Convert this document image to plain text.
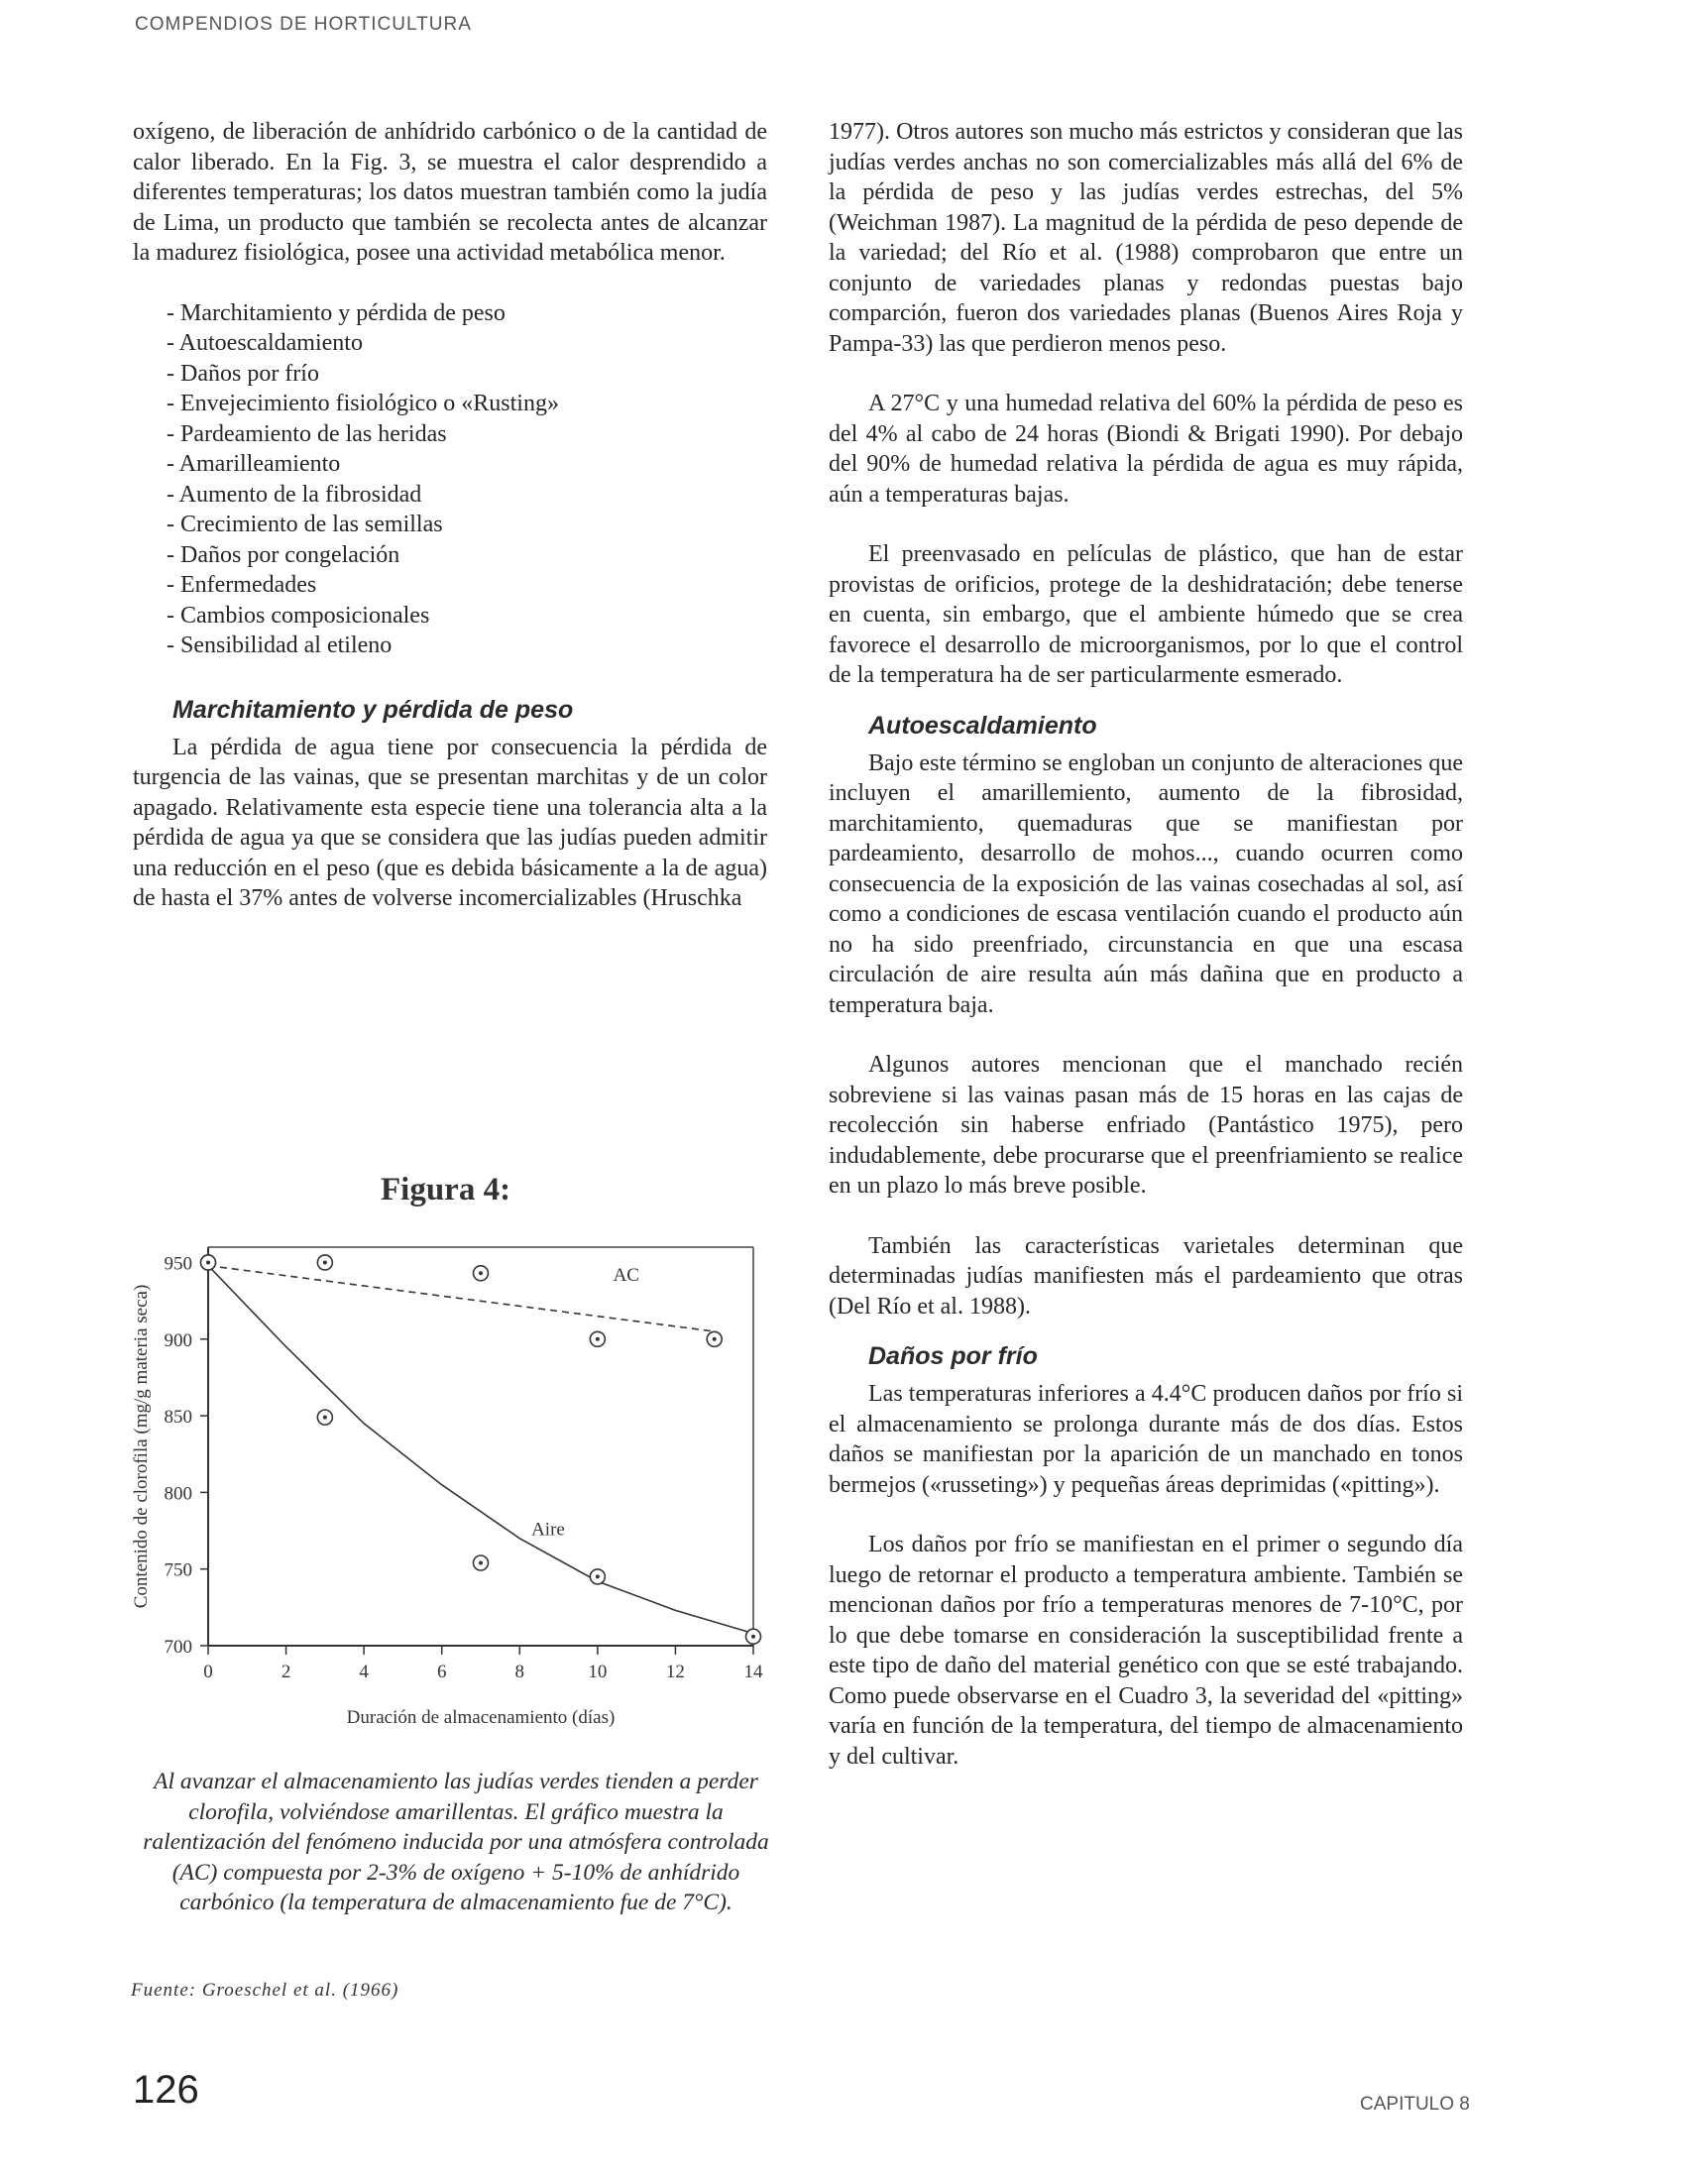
COMPENDIOS DE HORTICULTURA

oxígeno, de liberación de anhídrido carbónico o de la cantidad de calor liberado. En la Fig. 3, se muestra el calor desprendido a diferentes temperaturas; los datos muestran también como la judía de Lima, un producto que también se recolecta antes de alcanzar la madurez fisiológica, posee una actividad metabólica menor.

- Marchitamiento y pérdida de peso
- Autoescaldamiento
- Daños por frío
- Envejecimiento fisiológico o «Rusting»
- Pardeamiento de las heridas
- Amarilleamiento
- Aumento de la fibrosidad
- Crecimiento de las semillas
- Daños por congelación
- Enfermedades
- Cambios composicionales
- Sensibilidad al etileno
Marchitamiento y pérdida de peso

La pérdida de agua tiene por consecuencia la pérdida de turgencia de las vainas, que se presentan marchitas y de un color apagado. Relativamente esta especie tiene una tolerancia alta a la pérdida de agua ya que se considera que las judías pueden admitir una reducción en el peso (que es debida básicamente a la de agua) de hasta el 37% antes de volverse incomercializables (Hruschka

1977). Otros autores son mucho más estrictos y consideran que las judías verdes anchas no son comercializables más allá del 6% de la pérdida de peso y las judías verdes estrechas, del 5% (Weichman 1987). La magnitud de la pérdida de peso depende de la variedad; del Río et al. (1988) comprobaron que entre un conjunto de variedades planas y redondas puestas bajo comparción, fueron dos variedades planas (Buenos Aires Roja y Pampa-33) las que perdieron menos peso.

A 27°C y una humedad relativa del 60% la pérdida de peso es del 4% al cabo de 24 horas (Biondi & Brigati 1990). Por debajo del 90% de humedad relativa la pérdida de agua es muy rápida, aún a temperaturas bajas.

El preenvasado en películas de plástico, que han de estar provistas de orificios, protege de la deshidratación; debe tenerse en cuenta, sin embargo, que el ambiente húmedo que se crea favorece el desarrollo de microorganismos, por lo que el control de la temperatura ha de ser particularmente esmerado.

Autoescaldamiento

Bajo este término se engloban un conjunto de alteraciones que incluyen el amarillemiento, aumento de la fibrosidad, marchitamiento, quemaduras que se manifiestan por pardeamiento, desarrollo de mohos..., cuando ocurren como consecuencia de la exposición de las vainas cosechadas al sol, así como a condiciones de escasa ventilación cuando el producto aún no ha sido preenfriado, circunstancia en que una escasa circulación de aire resulta aún más dañina que en producto a temperatura baja.

Algunos autores mencionan que el manchado recién sobreviene si las vainas pasan más de 15 horas en las cajas de recolección sin haberse enfriado (Pantástico 1975), pero indudablemente, debe procurarse que el preenfriamiento se realice en un plazo lo más breve posible.

También las características varietales determinan que determinadas judías manifiesten más el pardeamiento que otras (Del Río et al. 1988).

Daños por frío

Las temperaturas inferiores a 4.4°C producen daños por frío si el almacenamiento se prolonga durante más de dos días. Estos daños se manifiestan por la aparición de un manchado en tonos bermejos («russeting») y pequeñas áreas deprimidas («pitting»).

Los daños por frío se manifiestan en el primer o segundo día luego de retornar el producto a temperatura ambiente. También se mencionan daños por frío a temperaturas menores de 7-10°C, por lo que debe tomarse en consideración la susceptibilidad frente a este tipo de daño del material genético con que se esté trabajando. Como puede observarse en el Cuadro 3, la severidad del «pitting» varía en función de la temperatura, del tiempo de almacenamiento y del cultivar.

Figura 4:
700
750
800
850
900
950
0	2	4	6	8	10	12	14
Duración de almacenamiento (días)
Contenido de clorofila (mg/g materia seca)
AC
Aire
Al avanzar el almacenamiento las judías verdes tienden a perder clorofila, volviéndose amarillentas. El gráfico muestra la ralentización del fenómeno inducida por una atmósfera controlada (AC) compuesta por 2-3% de oxígeno + 5-10% de anhídrido carbónico (la temperatura de almacenamiento fue de 7°C).
Fuente: Groeschel et al. (1966)
126	CAPITULO 8
